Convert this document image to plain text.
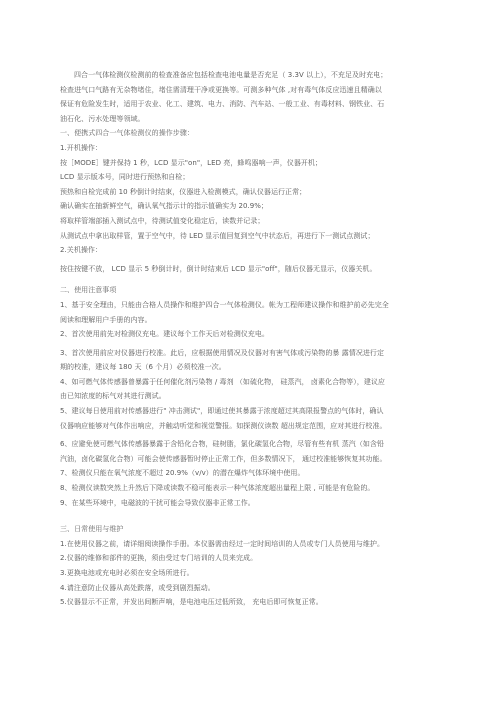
四合一气体检测仪检测前的检查准备应包括检查电池电量是否充足（ 3.3V 以上），不充足及时充电；
检查进气口气路有无杂物堵住，堵住需清理干净或更换等。可测多种气体 ,对有毒气体反应迅速且精确以
保证有危险发生时，适用于农业、化工、建筑、电力、消防、汽车站、一般工业、有毒材料、钢铁业、石
油石化、污水处理等领域。
一、便携式四合一气体检测仪的操作步骤：
1.开机操作：
按［MODE］键并保持 1 秒，LCD 显示"on"，LED 亮，蜂鸣器响一声，仪器开机；
LCD 显示版本号，同时进行预热和自检；
预热和自检完成前 10 秒倒计时结束，仪器进入检测模式，确认仪器运行正常；
确认确实在抽新鲜空气，确认氧气指示计的指示值确实为 20.9%；
将取样管端部插入测试点中，待测试值变化稳定后，读数并记录；
从测试点中拿出取样管，置于空气中，待 LED 显示值回复到空气中状态后，再进行下一测试点测试；
2.关机操作：
按住按键不放， LCD 显示 5 秒倒计时，倒计时结束后 LCD 显示"off"，随后仪器无显示，仪器关机。
二、使用注意事项
1、基于安全理由，只能由合格人员操作和维护四合一气体检测仪。帐为工程师建议操作和维护前必先完全
阅读和理解用户手册的内容。
2、首次使用前先对检测仪充电。建议每个工作天后对检测仪充电。
3、首次使用前应对仪器进行校准。此后，应根据使用情况及仪器对有害气体或污染物的暴 露情况进行定
期的校准，建议每 180 天（6 个月）必须校准一次。
4、如可燃气体传感器曾暴露于任何催化剂污染物 / 毒剂 （如硫化物， 硅蒸汽， 卤素化合物等），建议应
由已知浓度的标气对其进行测试。
5、建议每日使用前对传感器进行" 冲击测试"，即通过使其暴露于浓度超过其高限报警点的气体时，确认
仪器响应能够对气体作出响应，并触动听觉和视觉警报。如探测仪读数 超出规定范围，应对其进行校准。
6、应避免使可燃气体传感器暴露于含铅化合物，硅树脂，氯化碳氢化合物，尽管有些有机 蒸汽（如含铅
汽油，卤化碳氢化合物）可能会使传感器暂时停止正常工作，但多数情况下， 通过校准能够恢复其功能。
7、检测仪只能在氧气浓度不超过 20.9%（v/v）的潜在爆炸气体环境中使用。
8、检测仪读数突然上升然后下降或读数不稳可能表示一种气体浓度超出量程上限 , 可能是有危险的。
9、在某些环境中，电磁波的干扰可能会导致仪器非正常工作。
三、日常使用与维护
1.在使用仪器之前，请详细阅读操作手册。本仪器需由经过一定时间培训的人员或专门人员使用与维护。
2.仪器的维修和部件的更换，须由受过专门培训的人员来完成。
3.更换电池或充电时必须在安全场所进行。
4.请注意防止仪器从高处跌落，或受到剧烈振动。
5.仪器显示不正常，并发出间断声响，是电池电压过低所致， 充电后即可恢复正常。
